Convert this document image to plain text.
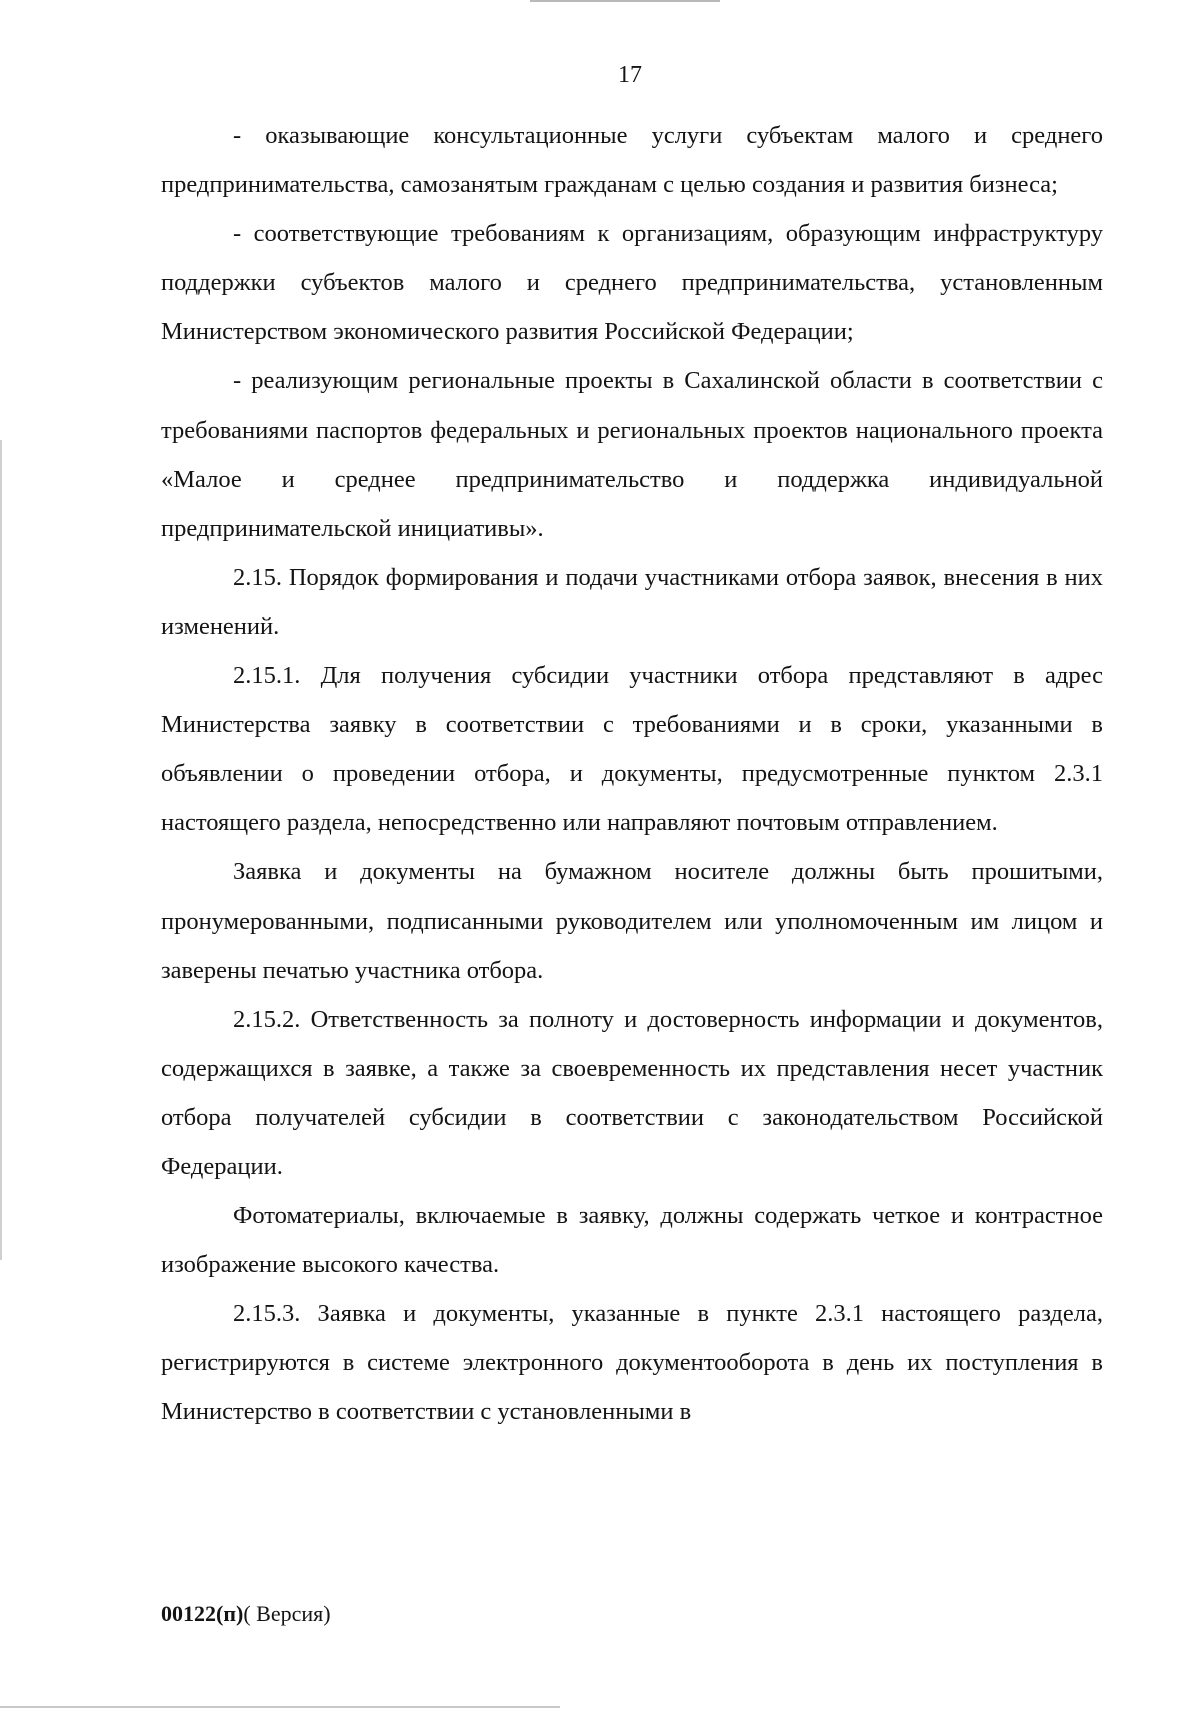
17

- оказывающие консультационные услуги субъектам малого и среднего предпринимательства, самозанятым гражданам с целью создания и развития бизнеса;

- соответствующие требованиям к организациям, образующим инфраструктуру поддержки субъектов малого и среднего предпринимательства, установленным Министерством экономического развития Российской Федерации;

- реализующим региональные проекты в Сахалинской области в соответствии с требованиями паспортов федеральных и региональных проектов национального проекта «Малое и среднее предпринимательство и поддержка индивидуальной предпринимательской инициативы».

2.15. Порядок формирования и подачи участниками отбора заявок, внесения в них изменений.

2.15.1. Для получения субсидии участники отбора представляют в адрес Министерства заявку в соответствии с требованиями и в сроки, указанными в объявлении о проведении отбора, и документы, предусмотренные пунктом 2.3.1 настоящего раздела, непосредственно или направляют почтовым отправлением.

Заявка и документы на бумажном носителе должны быть прошитыми, пронумерованными, подписанными руководителем или уполномоченным им лицом и заверены печатью участника отбора.

2.15.2. Ответственность за полноту и достоверность информации и документов, содержащихся в заявке, а также за своевременность их представления несет участник отбора получателей субсидии в соответствии с законодательством Российской Федерации.

Фотоматериалы, включаемые в заявку, должны содержать четкое и контрастное изображение высокого качества.

2.15.3. Заявка и документы, указанные в пункте 2.3.1 настоящего раздела, регистрируются в системе электронного документооборота в день их поступления в Министерство в соответствии с установленными в

00122(п)( Версия)
